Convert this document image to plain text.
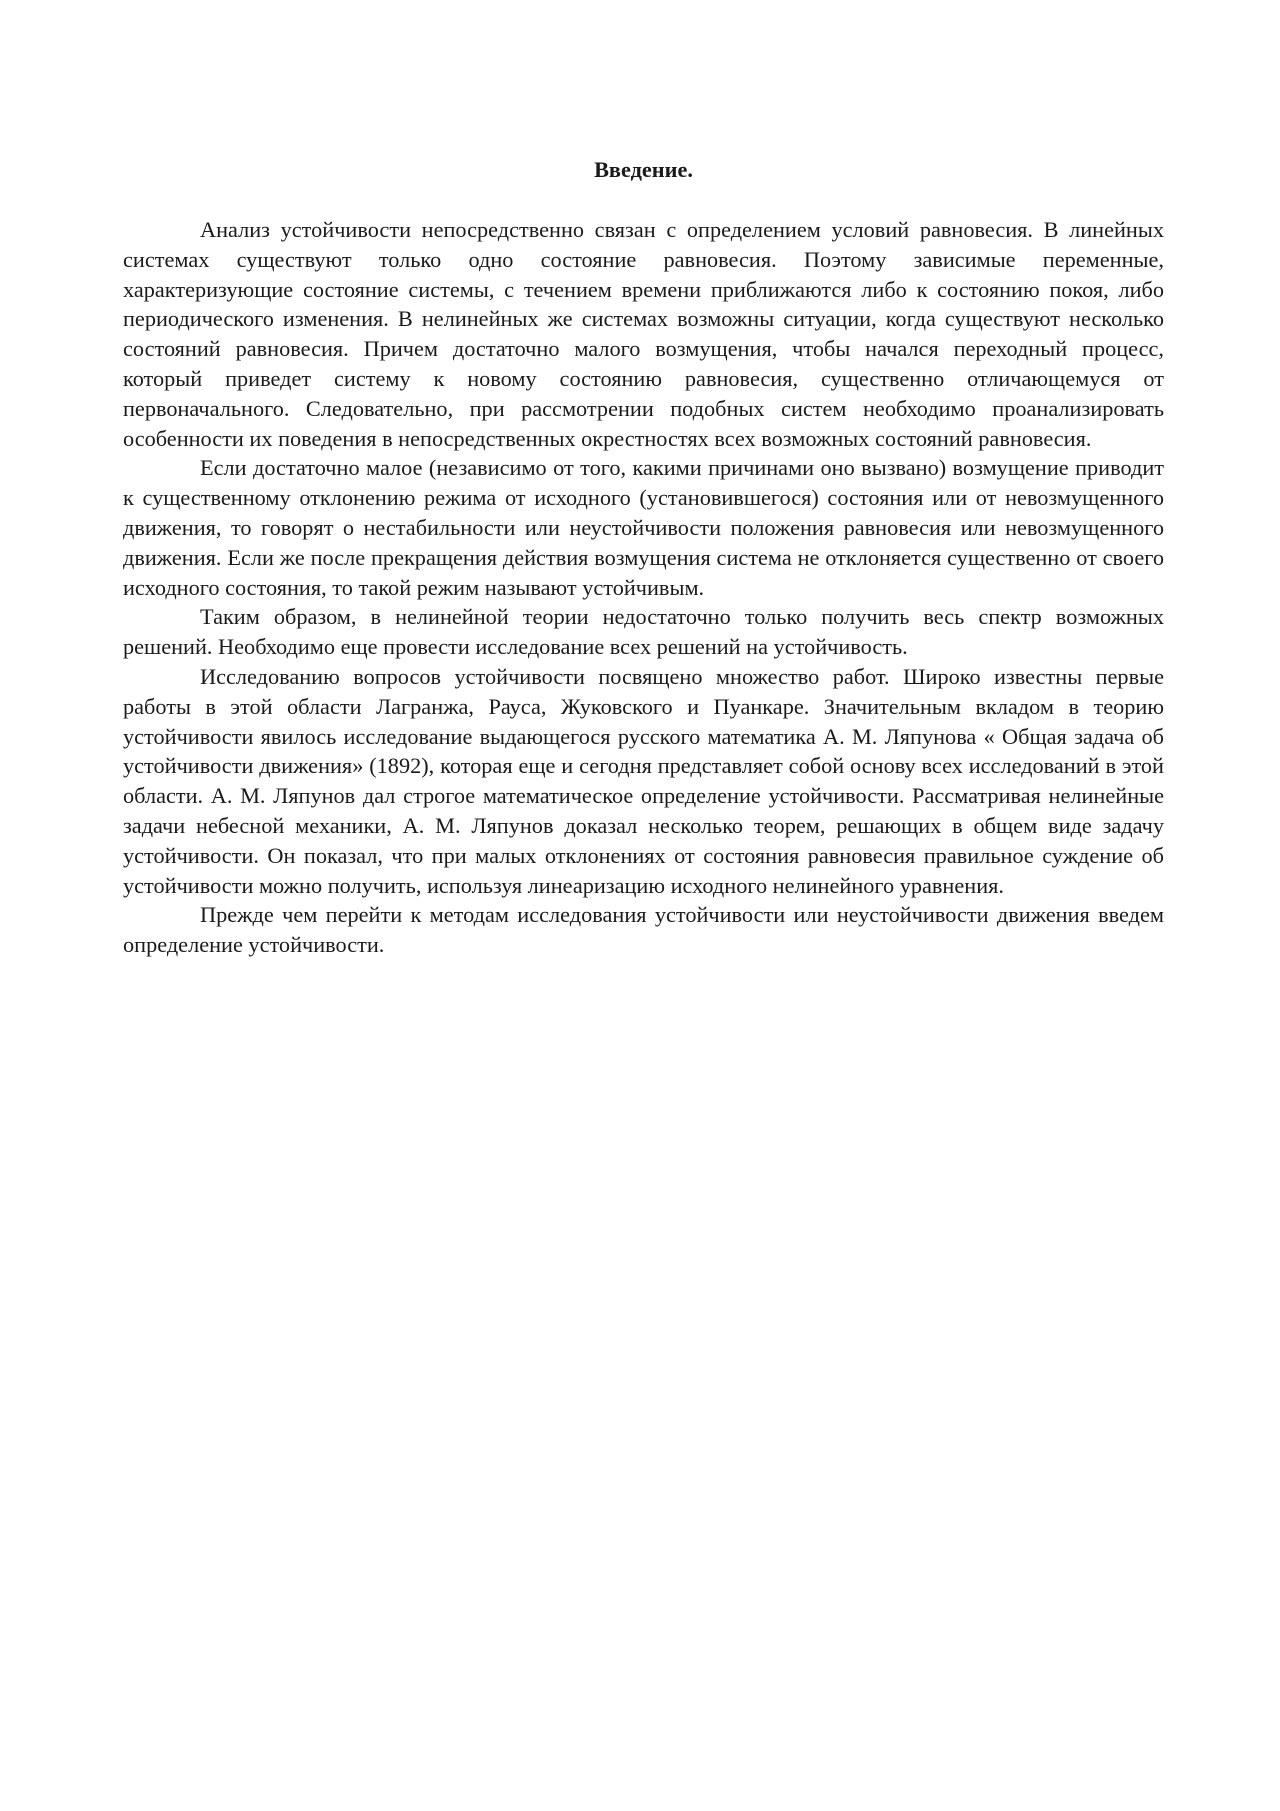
Введение.

Анализ устойчивости непосредственно связан с определением условий равновесия. В линейных системах существуют только одно состояние равновесия. Поэтому зависимые переменные, характеризующие состояние системы, с течением времени приближаются либо к состоянию покоя, либо периодического изменения. В нелинейных же системах возможны ситуации, когда существуют несколько состояний равновесия. Причем достаточно малого возмущения, чтобы начался переходный процесс, который приведет систему к новому состоянию равновесия, существенно отличающемуся от первоначального. Следовательно, при рассмотрении подобных систем необходимо проанализировать особенности их поведения в непосредственных окрестностях всех возможных состояний равновесия.

Если достаточно малое (независимо от того, какими причинами оно вызвано) возмущение приводит к существенному отклонению режима от исходного (установившегося) состояния или от невозмущенного движения, то говорят о нестабильности или неустойчивости положения равновесия или невозмущенного движения. Если же после прекращения действия возмущения система не отклоняется существенно от своего исходного состояния, то такой режим называют устойчивым.

Таким образом, в нелинейной теории недостаточно только получить весь спектр возможных решений. Необходимо еще провести исследование всех решений на устойчивость.

Исследованию вопросов устойчивости посвящено множество работ. Широко известны первые работы в этой области Лагранжа, Рауса, Жуковского и Пуанкаре. Значительным вкладом в теорию устойчивости явилось исследование выдающегося русского математика А. М. Ляпунова « Общая задача об устойчивости движения» (1892), которая еще и сегодня представляет собой основу всех исследований в этой области. А. М. Ляпунов дал строгое математическое определение устойчивости. Рассматривая нелинейные задачи небесной механики, А. М. Ляпунов доказал несколько теорем, решающих в общем виде задачу устойчивости. Он показал, что при малых отклонениях от состояния равновесия правильное суждение об устойчивости можно получить, используя линеаризацию исходного нелинейного уравнения.

Прежде чем перейти к методам исследования устойчивости или неустойчивости движения введем определение устойчивости.
